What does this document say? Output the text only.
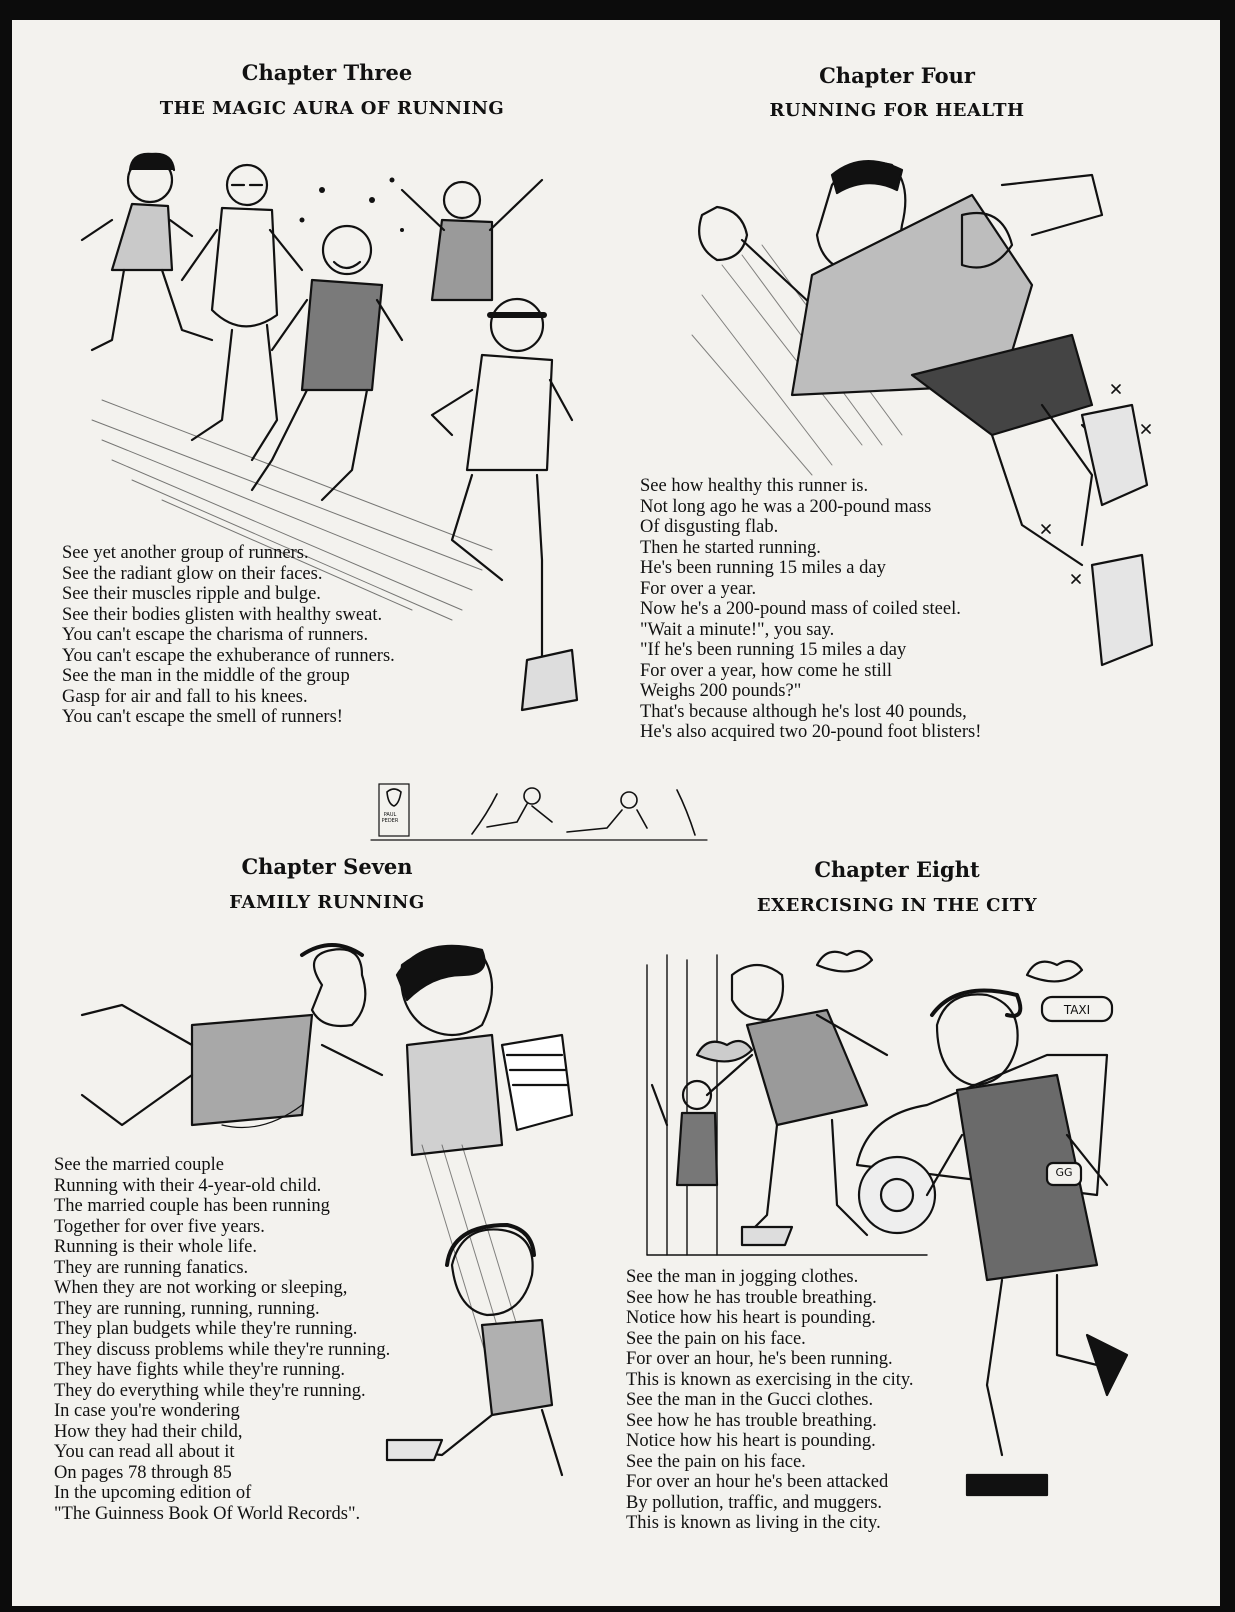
Chapter Three
THE MAGIC AURA OF RUNNING
See yet another group of runners.
See the radiant glow on their faces.
See their muscles ripple and bulge.
See their bodies glisten with healthy sweat.
You can't escape the charisma of runners.
You can't escape the exhuberance of runners.
See the man in the middle of the group
Gasp for air and fall to his knees.
You can't escape the smell of runners!
Chapter Four
RUNNING FOR HEALTH
See how healthy this runner is.
Not long ago he was a 200-pound mass
Of disgusting flab.
Then he started running.
He's been running 15 miles a day
For over a year.
Now he's a 200-pound mass of coiled steel.
"Wait a minute!", you say.
"If he's been running 15 miles a day
For over a year, how come he still
Weighs 200 pounds?"
That's because although he's lost 40 pounds,
He's also acquired two 20-pound foot blisters!
PAUL
PEDER
Chapter Seven
FAMILY RUNNING
See the married couple
Running with their 4-year-old child.
The married couple has been running
Together for over five years.
Running is their whole life.
They are running fanatics.
When they are not working or sleeping,
They are running, running, running.
They plan budgets while they're running.
They discuss problems while they're running.
They have fights while they're running.
They do everything while they're running.
In case you're wondering
How they had their child,
You can read all about it
On pages 78 through 85
In the upcoming edition of
"The Guinness Book Of World Records".
Chapter Eight
EXERCISING IN THE CITY
TAXI
GG
See the man in jogging clothes.
See how he has trouble breathing.
Notice how his heart is pounding.
See the pain on his face.
For over an hour, he's been running.
This is known as exercising in the city.
See the man in the Gucci clothes.
See how he has trouble breathing.
Notice how his heart is pounding.
See the pain on his face.
For over an hour he's been attacked
By pollution, traffic, and muggers.
This is known as living in the city.
